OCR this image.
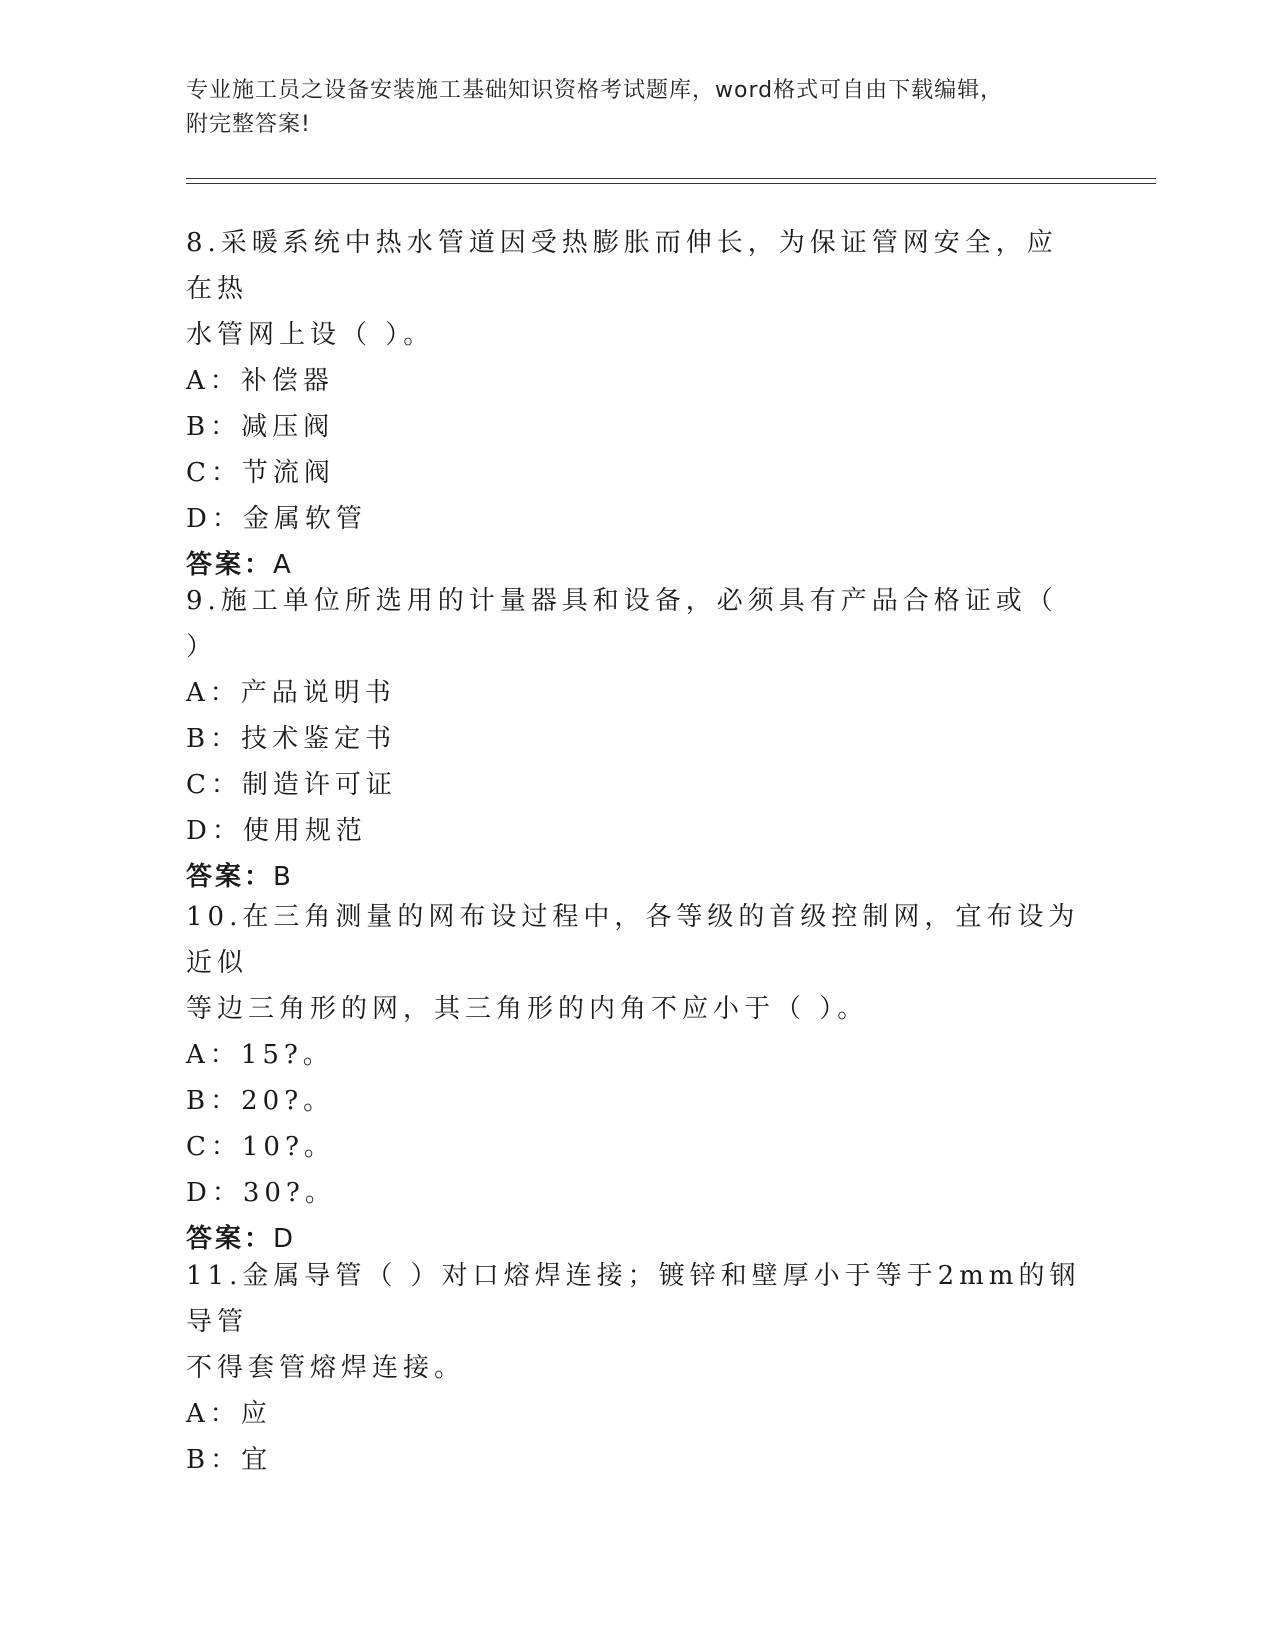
专业施工员之设备安装施工基础知识资格考试题库，word格式可自由下载编辑，
附完整答案!

8.采暖系统中热水管道因受热膨胀而伸长，为保证管网安全，应在热

水管网上设（ ）。

A：补偿器

B：减压阀

C：节流阀

D：金属软管

答案：A

9.施工单位所选用的计量器具和设备，必须具有产品合格证或（ ）

A：产品说明书

B：技术鉴定书

C：制造许可证

D：使用规范

答案：B

10.在三角测量的网布设过程中，各等级的首级控制网，宜布设为近似

等边三角形的网，其三角形的内角不应小于（ ）。

A：15?。

B：20?。

C：10?。

D：30?。

答案：D

11.金属导管（ ）对口熔焊连接；镀锌和壁厚小于等于2mm的钢导管

不得套管熔焊连接。

A：应

B：宜
